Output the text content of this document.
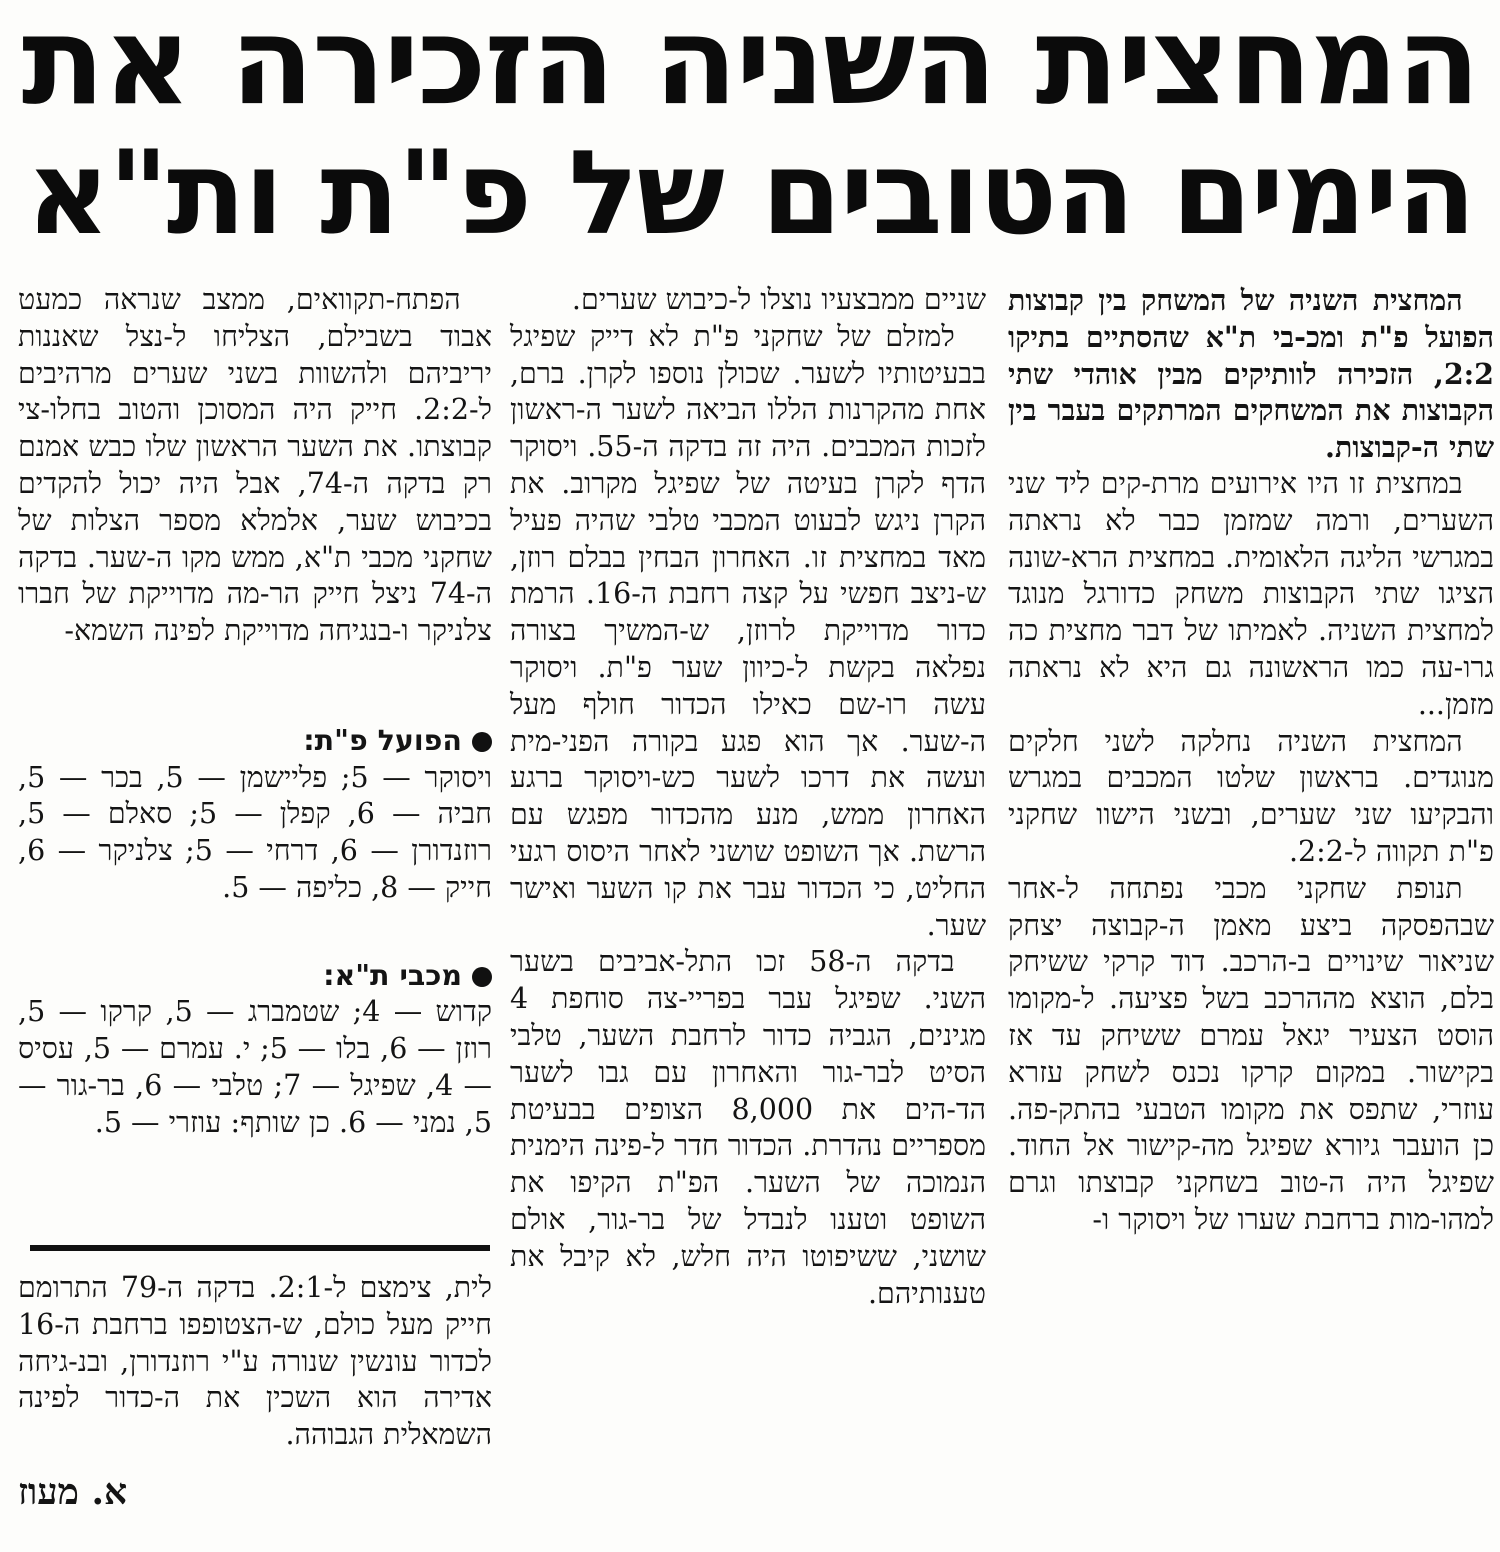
המחצית השניה הזכירה את
הימים הטובים של פ"ת ות"א

המחצית השניה של המשחק בין קבוצות הפועל פ"ת ומכ-בי ת"א שהסתיים בתיקו 2:2, הזכירה לוותיקים מבין אוהדי שתי הקבוצות את המשחקים המרתקים בעבר בין שתי ה-קבוצות.

במחצית זו היו אירועים מרת-קים ליד שני השערים, ורמה שמזמן כבר לא נראתה במגרשי הליגה הלאומית. במחצית הרא-שונה הציגו שתי הקבוצות משחק כדורגל מנוגד למחצית השניה. לאמיתו של דבר מחצית כה גרו-עה כמו הראשונה גם היא לא נראתה מזמן...

המחצית השניה נחלקה לשני חלקים מנוגדים. בראשון שלטו המכבים במגרש והבקיעו שני שערים, ובשני הישוו שחקני פ"ת תקווה ל-2:2.

תנופת שחקני מכבי נפתחה ל-אחר שבהפסקה ביצע מאמן ה-קבוצה יצחק שניאור שינויים ב-הרכב. דוד קרקי ששיחק בלם, הוצא מההרכב בשל פציעה. ל-מקומו הוסט הצעיר יגאל עמרם ששיחק עד אז בקישור. במקום קרקו נכנס לשחק עזרא עוזרי, שתפס את מקומו הטבעי בהתק-פה. כן הועבר גיורא שפיגל מה-קישור אל החוד. שפיגל היה ה-טוב בשחקני קבוצתו וגרם למהו-מות ברחבת שערו של ויסוקר ו-

שניים ממבצעיו נוצלו ל-כיבוש שערים.

למזלם של שחקני פ"ת לא דייק שפיגל בבעיטותיו לשער. שכולן נוספו לקרן. ברם, אחת מהקרנות הללו הביאה לשער ה-ראשון לזכות המכבים. היה זה בדקה ה-55. ויסוקר הדף לקרן בעיטה של שפיגל מקרוב. את הקרן ניגש לבעוט המכבי טלבי שהיה פעיל מאד במחצית זו. האחרון הבחין בבלם רוזן, ש-ניצב חפשי על קצה רחבת ה-16. הרמת כדור מדוייקת לרוזן, ש-המשיך בצורה נפלאה בקשת ל-כיוון שער פ"ת. ויסוקר עשה רו-שם כאילו הכדור חולף מעל ה-שער. אך הוא פגע בקורה הפני-מית ועשה את דרכו לשער כש-ויסוקר ברגע האחרון ממש, מנע מהכדור מפגש עם הרשת. אך השופט שושני לאחר היסוס רגעי החליט, כי הכדור עבר את קו השער ואישר שער.

בדקה ה-58 זכו התל-אביבים בשער השני. שפיגל עבר בפריי-צה סוחפת 4 מגינים, הגביה כדור לרחבת השער, טלבי הסיט לבר-גור והאחרון עם גבו לשער הד-הים את 8,000 הצופים בבעיטת מספריים נהדרת. הכדור חדר ל-פינה הימנית הנמוכה של השער. הפ"ת הקיפו את השופט וטענו לנבדל של בר-גור, אולם שושני, ששיפוטו היה חלש, לא קיבל את טענותיהם.

הפתח-תקוואים, ממצב שנראה כמעט אבוד בשבילם, הצליחו ל-נצל שאננות יריביהם ולהשוות בשני שערים מרהיבים ל-2:2. חייק היה המסוכן והטוב בחלו-צי קבוצתו. את השער הראשון שלו כבש אמנם רק בדקה ה-74, אבל היה יכול להקדים בכיבוש שער, אלמלא מספר הצלות של שחקני מכבי ת"א, ממש מקו ה-שער. בדקה ה-74 ניצל חייק הר-מה מדוייקת של חברו צלניקר ו-בנגיחה מדוייקת לפינה השמא-

הפועל פ"ת:
ויסוקר — 5; פליישמן — 5, בכר — 5, חביה — 6, קפלן — 5; סאלם — 5, רוזנדורן — 6, דרחי — 5; צלניקר — 6, חייק — 8, כליפה — 5.

מכבי ת"א:
קדוש — 4; שטמברג — 5, קרקו — 5, רוזן — 6, בלו — 5; י. עמרם — 5, עסיס — 4, שפיגל — 7; טלבי — 6, בר-גור — 5, נמני — 6. כן שותף: עוזרי — 5.

לית, צימצם ל-2:1. בדקה ה-79 התרומם חייק מעל כולם, ש-הצטופפו ברחבת ה-16 לכדור עונשין שנורה ע"י רוזנדורן, ובנ-גיחה אדירה הוא השכין את ה-כדור לפינה השמאלית הגבוהה.

א. מעוז
